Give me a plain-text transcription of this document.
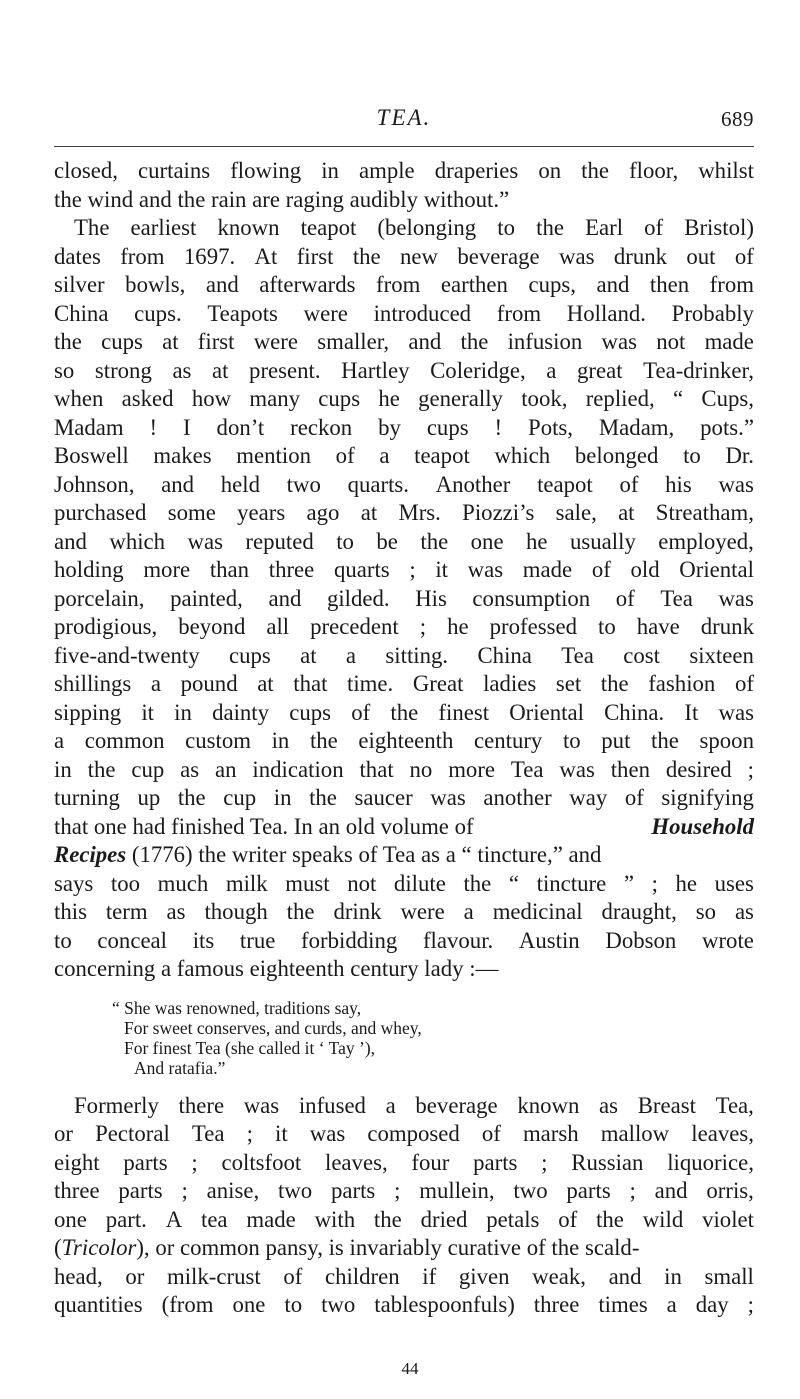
TEA.	689
closed, curtains flowing in ample draperies on the floor, whilst
the wind and the rain are raging audibly without.”
The earliest known teapot (belonging to the Earl of Bristol)
dates from 1697. At first the new beverage was drunk out of
silver bowls, and afterwards from earthen cups, and then from
China cups. Teapots were introduced from Holland. Probably
the cups at first were smaller, and the infusion was not made
so strong as at present. Hartley Coleridge, a great Tea-drinker,
when asked how many cups he generally took, replied, “ Cups,
Madam ! I don’t reckon by cups ! Pots, Madam, pots.”
Boswell makes mention of a teapot which belonged to Dr.
Johnson, and held two quarts. Another teapot of his was
purchased some years ago at Mrs. Piozzi’s sale, at Streatham,
and which was reputed to be the one he usually employed,
holding more than three quarts ; it was made of old Oriental
porcelain, painted, and gilded. His consumption of Tea was
prodigious, beyond all precedent ; he professed to have drunk
five-and-twenty cups at a sitting. China Tea cost sixteen
shillings a pound at that time. Great ladies set the fashion of
sipping it in dainty cups of the finest Oriental China. It was
a common custom in the eighteenth century to put the spoon
in the cup as an indication that no more Tea was then desired ;
turning up the cup in the saucer was another way of signifying
that one had finished Tea. In an old volume of	Household
Recipes (1776) the writer speaks of Tea as a “ tincture,” and
says too much milk must not dilute the “ tincture ” ; he uses
this term as though the drink were a medicinal draught, so as
to conceal its true forbidding flavour. Austin Dobson wrote
concerning a famous eighteenth century lady :—
“ She was renowned, traditions say,
For sweet conserves, and curds, and whey,
For finest Tea (she called it ‘ Tay ’),
And ratafia.”
Formerly there was infused a beverage known as Breast Tea,
or Pectoral Tea ; it was composed of marsh mallow leaves,
eight parts ; coltsfoot leaves, four parts ; Russian liquorice,
three parts ; anise, two parts ; mullein, two parts ; and orris,
one part. A tea made with the dried petals of the wild violet
(Tricolor), or common pansy, is invariably curative of the scald-
head, or milk-crust of children if given weak, and in small
quantities (from one to two tablespoonfuls) three times a day ;
44
